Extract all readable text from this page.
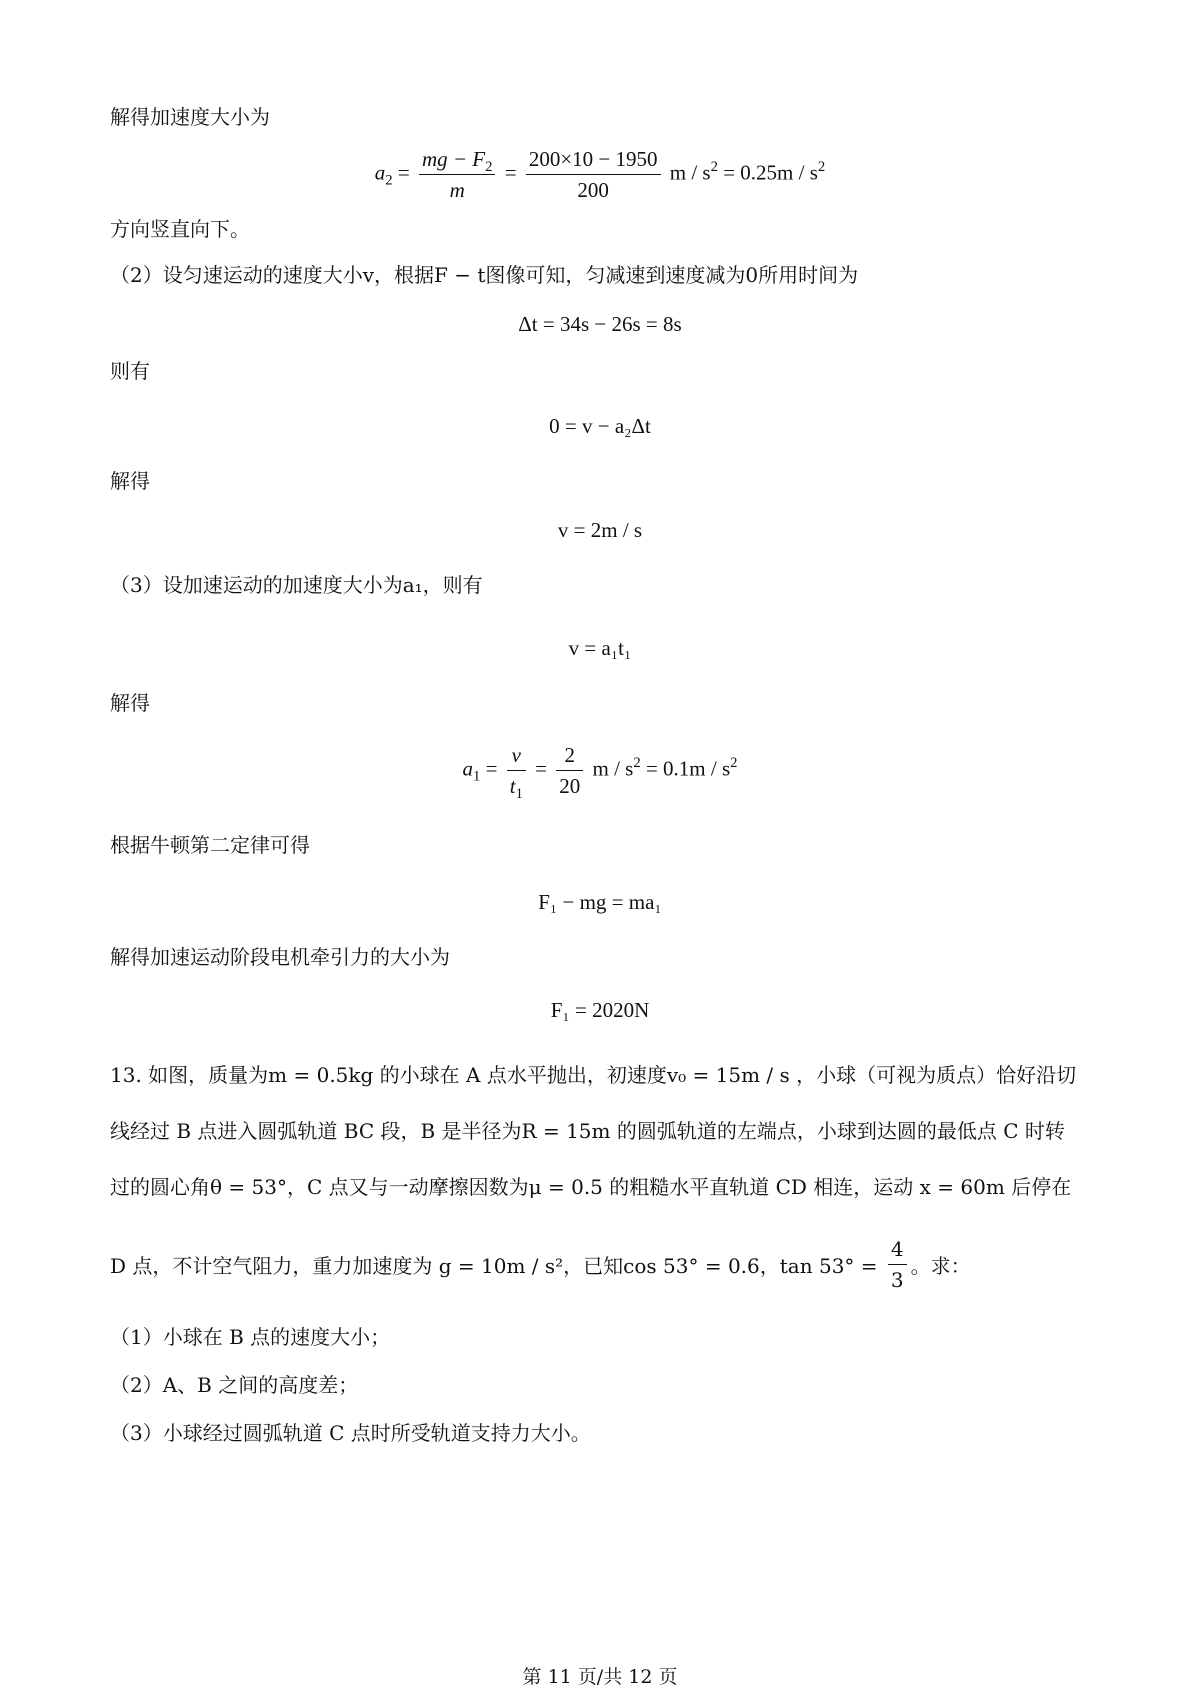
解得加速度大小为
$a_2 = \frac{mg - F_2}{m} = \frac{200\times 10 - 1950}{200}$ $m / s^2 = 0.25m / s^2$
方向竖直向下。
（2）设匀速运动的速度大小v，根据F − t图像可知，匀减速到速度减为0所用时间为
Δt = 34s − 26s = 8s
则有
0 = v − a₂Δt
解得
v = 2m / s
（3）设加速运动的加速度大小为a₁，则有
v = a₁t₁
解得
$a_1 = \frac{v}{t_1} = \frac{2}{20}$ $m / s^2 = 0.1m / s^2$
根据牛顿第二定律可得
F₁ − mg = ma₁
解得加速运动阶段电机牵引力的大小为
F₁ = 2020N
13. 如图，质量为m = 0.5kg 的小球在 A 点水平抛出，初速度v₀ = 15m / s ，小球（可视为质点）恰好沿切
线经过 B 点进入圆弧轨道 BC 段，B 是半径为R = 15m 的圆弧轨道的左端点，小球到达圆的最低点 C 时转
过的圆心角θ = 53°，C 点又与一动摩擦因数为μ = 0.5 的粗糙水平直轨道 CD 相连，运动 x = 60m 后停在
D 点，不计空气阻力，重力加速度为 g = 10m / s²，已知cos 53° = 0.6，$\tan 53^\circ = \frac{4}{3}$ 。求：
（1）小球在 B 点的速度大小；
（2）A、B 之间的高度差；
（3）小球经过圆弧轨道 C 点时所受轨道支持力大小。
第 11 页/共 12 页
